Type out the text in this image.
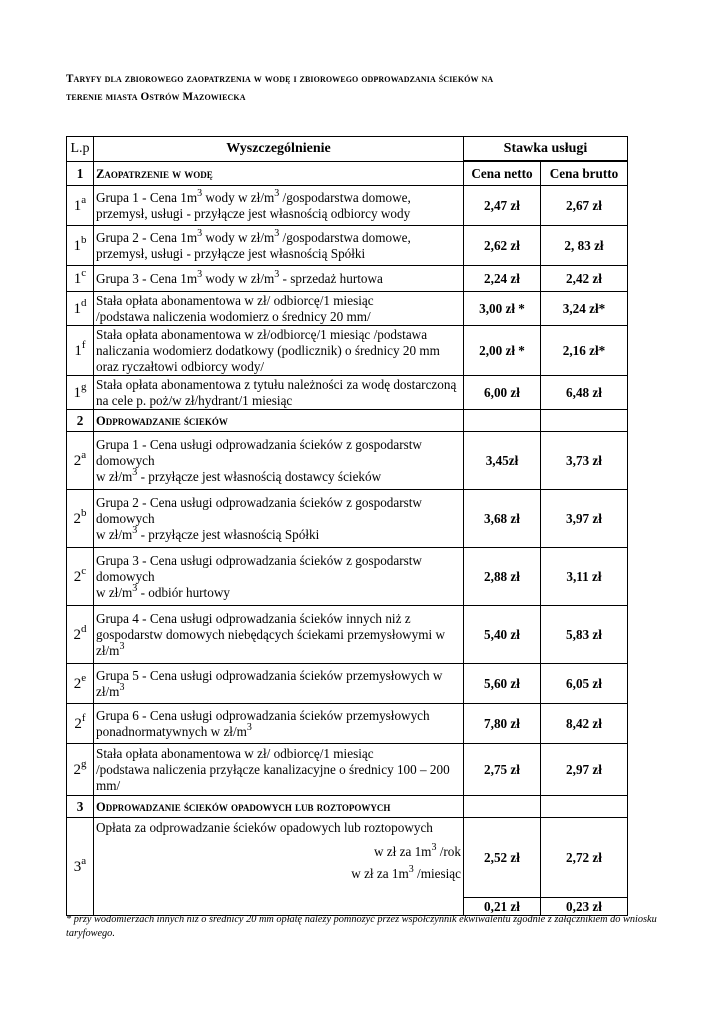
Taryfy dla zbiorowego zaopatrzenia w wodę i zbiorowego odprowadzania ścieków na
terenie miasta Ostrów Mazowiecka
L.p	Wyszczególnienie	Stawka usługi	

1	Zaopatrzenie w wodę	Cena netto	Cena brutto
1$^a$	Grupa 1 - Cena $1m^3$ wody w $zł/m^3$ /gospodarstwa domowe, przemysł, usługi - przyłącze jest własnością odbiorcy wody	2,47 zł	2,67 zł
1$^b$	Grupa 2 - Cena $1m^3$ wody w $zł/m^3$ /gospodarstwa domowe, przemysł, usługi - przyłącze jest własnością Spółki	2,62 zł	2, 83 zł
1$^c$	Grupa 3 - Cena $1m^3$ wody w $zł/m^3$ - sprzedaż hurtowa	2,24 zł	2,42 zł
1$^d$	Stała opłata abonamentowa w zł/ odbiorcę/1 miesiąc
/podstawa naliczenia wodomierz o średnicy 20 mm/	3,00 zł *	3,24 zł*
1$^f$	Stała opłata abonamentowa w zł/odbiorcę/1 miesiąc /podstawa naliczania wodomierz dodatkowy (podlicznik) o średnicy 20 mm oraz ryczałtowi odbiorcy wody/	2,00 zł *	2,16 zł*
1$^g$	Stała opłata abonamentowa z tytułu należności za wodę dostarczoną na cele p. poż/w zł/hydrant/1 miesiąc	6,00 zł	6,48 zł
2	Odprowadzanie ścieków		
2$^a$	Grupa 1 - Cena usługi odprowadzania ścieków z gospodarstw domowych
w $zł/m^3$ - przyłącze jest własnością dostawcy ścieków	3,45zł	3,73 zł
2$^b$	Grupa 2 - Cena usługi odprowadzania ścieków z gospodarstw domowych
w $zł/m^3$ - przyłącze jest własnością Spółki	3,68 zł	3,97 zł
2$^c$	Grupa 3 - Cena usługi odprowadzania ścieków z gospodarstw domowych
w $zł/m^3$ - odbiór hurtowy	2,88 zł	3,11 zł
2$^d$	Grupa 4 - Cena usługi odprowadzania ścieków innych niż z gospodarstw domowych niebędących ściekami przemysłowymi w $zł/m^3$	5,40 zł	5,83 zł
2e	Grupa 5 - Cena usługi odprowadzania ścieków przemysłowych w $zł/m^3$	5,60 zł	6,05 zł
2$^f$	Grupa 6 - Cena usługi odprowadzania ścieków przemysłowych ponadnormatywnych w $zł/m^3$	7,80 zł	8,42 zł
2$^g$	Stała opłata abonamentowa w zł/ odbiorcę/1 miesiąc
/podstawa naliczenia przyłącze kanalizacyjne o średnicy 100 – 200 mm/	2,75 zł	2,97 zł
3	Odprowadzanie ścieków opadowych lub roztopowych		
3$^a$	Opłata za odprowadzanie ścieków opadowych lub roztopowych
w zł za $1m^3$ /rok
w zł za $1m^3$ /miesiąc	2,52 zł	2,72 zł
		0,21 zł	0,23 zł
* przy wodomierzach innych niż o średnicy 20 mm opłatę należy pomnożyć przez współczynnik ekwiwalentu zgodnie z załącznikiem do wniosku taryfowego.
